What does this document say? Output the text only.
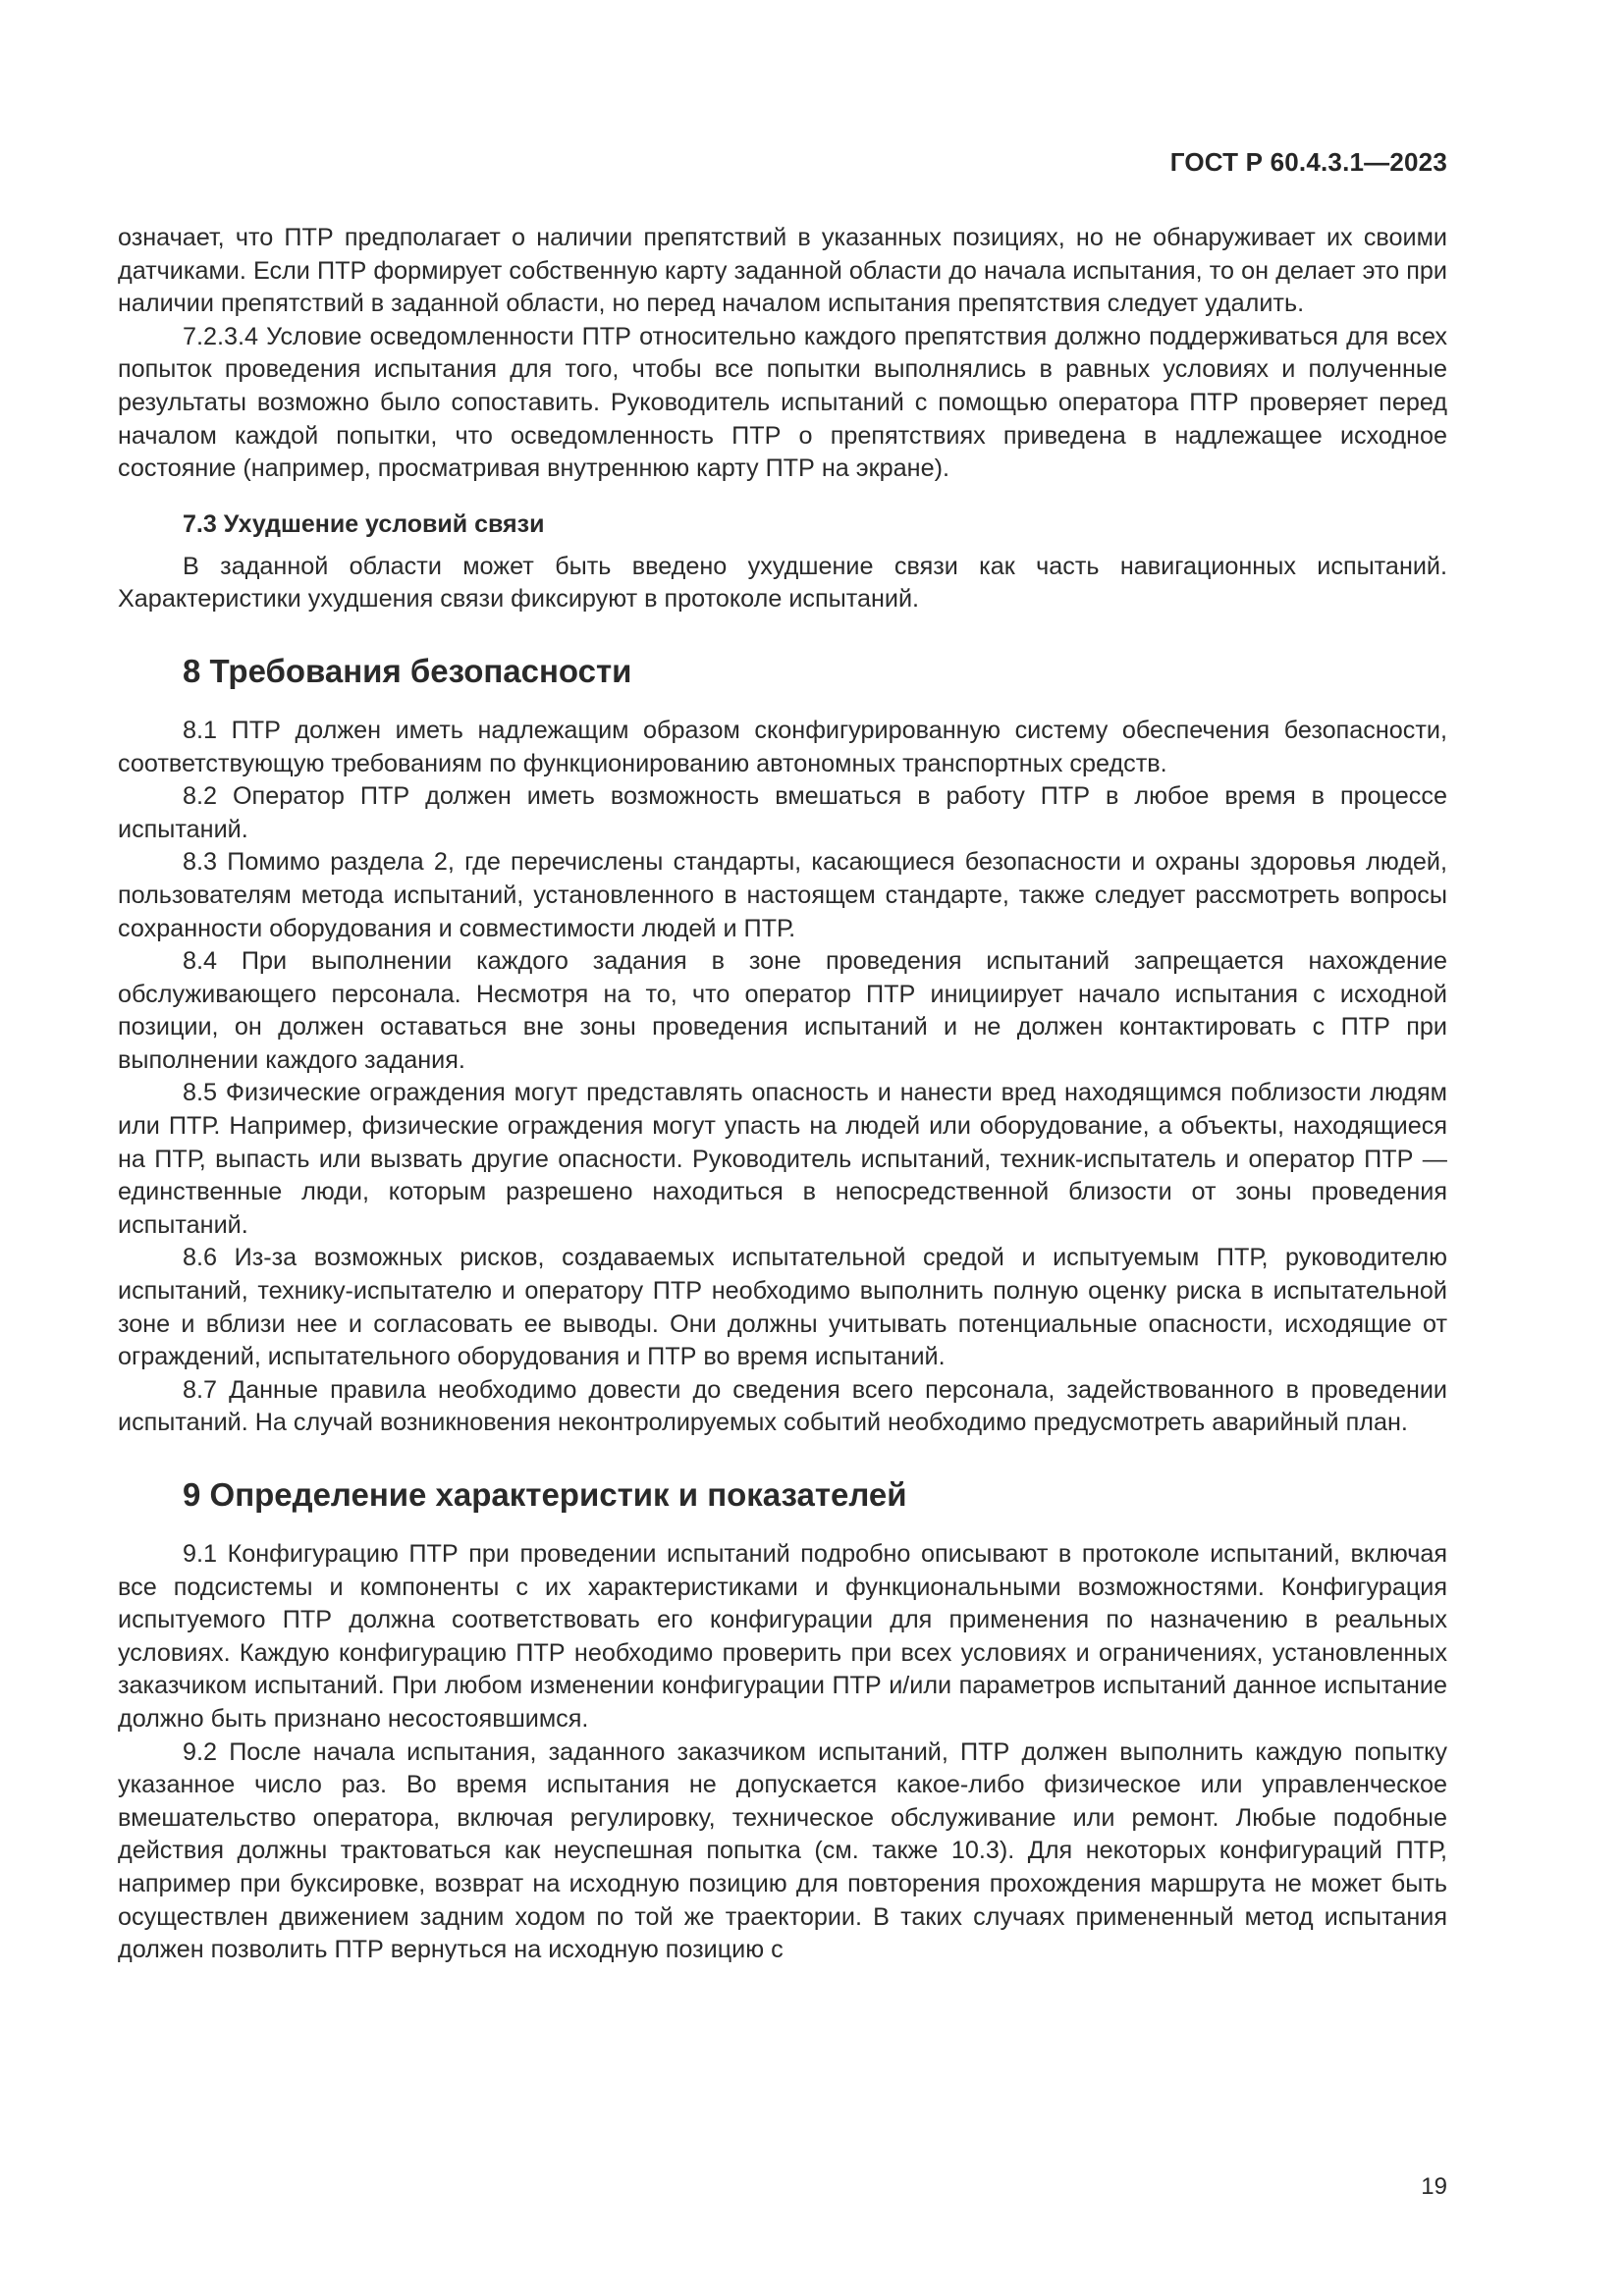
ГОСТ Р 60.4.3.1—2023

означает, что ПТР предполагает о наличии препятствий в указанных позициях, но не обнаруживает их своими датчиками. Если ПТР формирует собственную карту заданной области до начала испытания, то он делает это при наличии препятствий в заданной области, но перед началом испытания препятствия следует удалить.

7.2.3.4 Условие осведомленности ПТР относительно каждого препятствия должно поддерживаться для всех попыток проведения испытания для того, чтобы все попытки выполнялись в равных условиях и полученные результаты возможно было сопоставить. Руководитель испытаний с помощью оператора ПТР проверяет перед началом каждой попытки, что осведомленность ПТР о препятствиях приведена в надлежащее исходное состояние (например, просматривая внутреннюю карту ПТР на экране).

7.3 Ухудшение условий связи

В заданной области может быть введено ухудшение связи как часть навигационных испытаний. Характеристики ухудшения связи фиксируют в протоколе испытаний.

8 Требования безопасности

8.1 ПТР должен иметь надлежащим образом сконфигурированную систему обеспечения безопасности, соответствующую требованиям по функционированию автономных транспортных средств.

8.2 Оператор ПТР должен иметь возможность вмешаться в работу ПТР в любое время в процессе испытаний.

8.3 Помимо раздела 2, где перечислены стандарты, касающиеся безопасности и охраны здоровья людей, пользователям метода испытаний, установленного в настоящем стандарте, также следует рассмотреть вопросы сохранности оборудования и совместимости людей и ПТР.

8.4 При выполнении каждого задания в зоне проведения испытаний запрещается нахождение обслуживающего персонала. Несмотря на то, что оператор ПТР инициирует начало испытания с исходной позиции, он должен оставаться вне зоны проведения испытаний и не должен контактировать с ПТР при выполнении каждого задания.

8.5 Физические ограждения могут представлять опасность и нанести вред находящимся поблизости людям или ПТР. Например, физические ограждения могут упасть на людей или оборудование, а объекты, находящиеся на ПТР, выпасть или вызвать другие опасности. Руководитель испытаний, техник-испытатель и оператор ПТР — единственные люди, которым разрешено находиться в непосредственной близости от зоны проведения испытаний.

8.6 Из-за возможных рисков, создаваемых испытательной средой и испытуемым ПТР, руководителю испытаний, технику-испытателю и оператору ПТР необходимо выполнить полную оценку риска в испытательной зоне и вблизи нее и согласовать ее выводы. Они должны учитывать потенциальные опасности, исходящие от ограждений, испытательного оборудования и ПТР во время испытаний.

8.7 Данные правила необходимо довести до сведения всего персонала, задействованного в проведении испытаний. На случай возникновения неконтролируемых событий необходимо предусмотреть аварийный план.

9 Определение характеристик и показателей

9.1 Конфигурацию ПТР при проведении испытаний подробно описывают в протоколе испытаний, включая все подсистемы и компоненты с их характеристиками и функциональными возможностями. Конфигурация испытуемого ПТР должна соответствовать его конфигурации для применения по назначению в реальных условиях. Каждую конфигурацию ПТР необходимо проверить при всех условиях и ограничениях, установленных заказчиком испытаний. При любом изменении конфигурации ПТР и/или параметров испытаний данное испытание должно быть признано несостоявшимся.

9.2 После начала испытания, заданного заказчиком испытаний, ПТР должен выполнить каждую попытку указанное число раз. Во время испытания не допускается какое-либо физическое или управленческое вмешательство оператора, включая регулировку, техническое обслуживание или ремонт. Любые подобные действия должны трактоваться как неуспешная попытка (см. также 10.3). Для некоторых конфигураций ПТР, например при буксировке, возврат на исходную позицию для повторения прохождения маршрута не может быть осуществлен движением задним ходом по той же траектории. В таких случаях примененный метод испытания должен позволить ПТР вернуться на исходную позицию с

19
